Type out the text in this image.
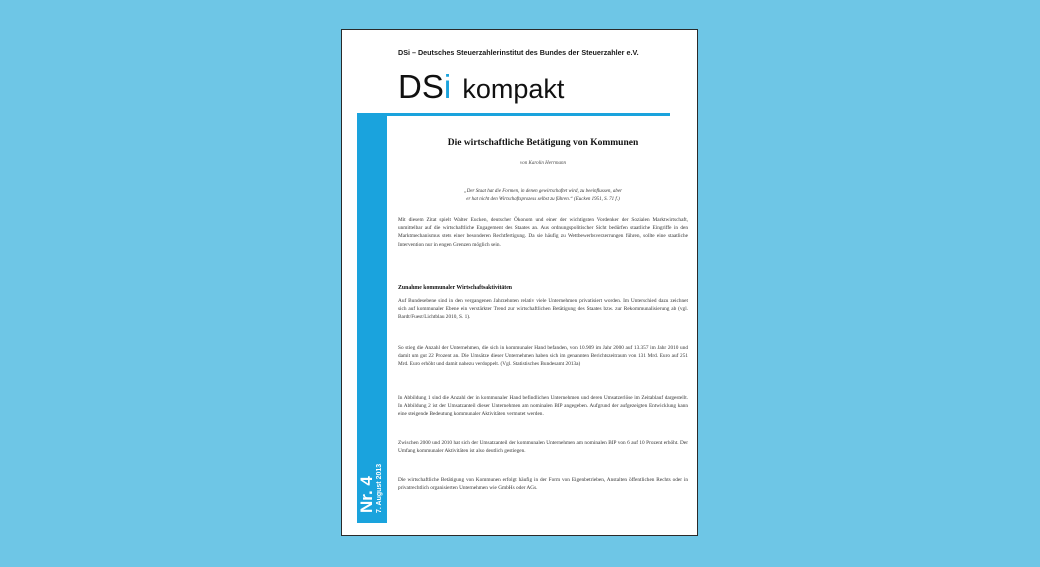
Nr. 4 7. August 2013
DSi – Deutsches Steuerzahlerinstitut des Bundes der Steuerzahler e.V.
DSi kompakt
Die wirtschaftliche Betätigung von Kommunen
von Karolin Herrmann
„Der Staat hat die Formen, in denen gewirtschaftet wird, zu beeinflussen, aber
er hat nicht den Wirtschaftsprozess selbst zu führen.“ (Eucken 1951, S. 71 f.)

Mit diesem Zitat spielt Walter Eucken, deutscher Ökonom und einer der wichtigsten Vordenker der Sozialen Marktwirtschaft, unmittelbar auf die wirtschaftliche Engagement des Staates an. Aus ordnungspolitischer Sicht bedürfen staatliche Eingriffe in den Marktmechanismus stets einer besonderen Rechtfertigung. Da sie häufig zu Wettbewerbsverzerrungen führen, sollte eine staatliche Intervention nur in engen Grenzen möglich sein.

Zunahme kommunaler Wirtschaftsaktivitäten

Auf Bundesebene sind in den vergangenen Jahrzehnten relativ viele Unternehmen privatisiert worden. Im Unterschied dazu zeichnet sich auf kommunaler Ebene ein verstärkter Trend zur wirtschaftlichen Betätigung des Staates bzw. zur Rekommunalisierung ab (vgl. Bardt/Fuest/Lichtblau 2010, S. 1).

So stieg die Anzahl der Unternehmen, die sich in kommunaler Hand befanden, von 10.909 im Jahr 2000 auf 13.357 im Jahr 2010 und damit um gut 22 Prozent an. Die Umsätze dieser Unternehmen haben sich im genannten Berichtszeitraum von 131 Mrd. Euro auf 251 Mrd. Euro erhöht und damit nahezu verdoppelt. (Vgl. Statistisches Bundesamt 2013a)

In Abbildung 1 sind die Anzahl der in kommunaler Hand befindlichen Unternehmen und deren Umsatzerlöse im Zeitablauf dargestellt. In Abbildung 2 ist der Umsatzanteil dieser Unternehmen am nominalen BIP angegeben. Aufgrund der aufgezeigten Entwicklung kann eine steigende Bedeutung kommunaler Aktivitäten vermutet werden.

Zwischen 2000 und 2010 hat sich der Umsatzanteil der kommunalen Unternehmen am nominalen BIP von 6 auf 10 Prozent erhöht. Der Umfang kommunaler Aktivitäten ist also deutlich gestiegen.

Die wirtschaftliche Betätigung von Kommunen erfolgt häufig in der Form von Eigenbetrieben, Anstalten öffentlichen Rechts oder in privatrechtlich organisierten Unternehmen wie GmbHs oder AGs.
